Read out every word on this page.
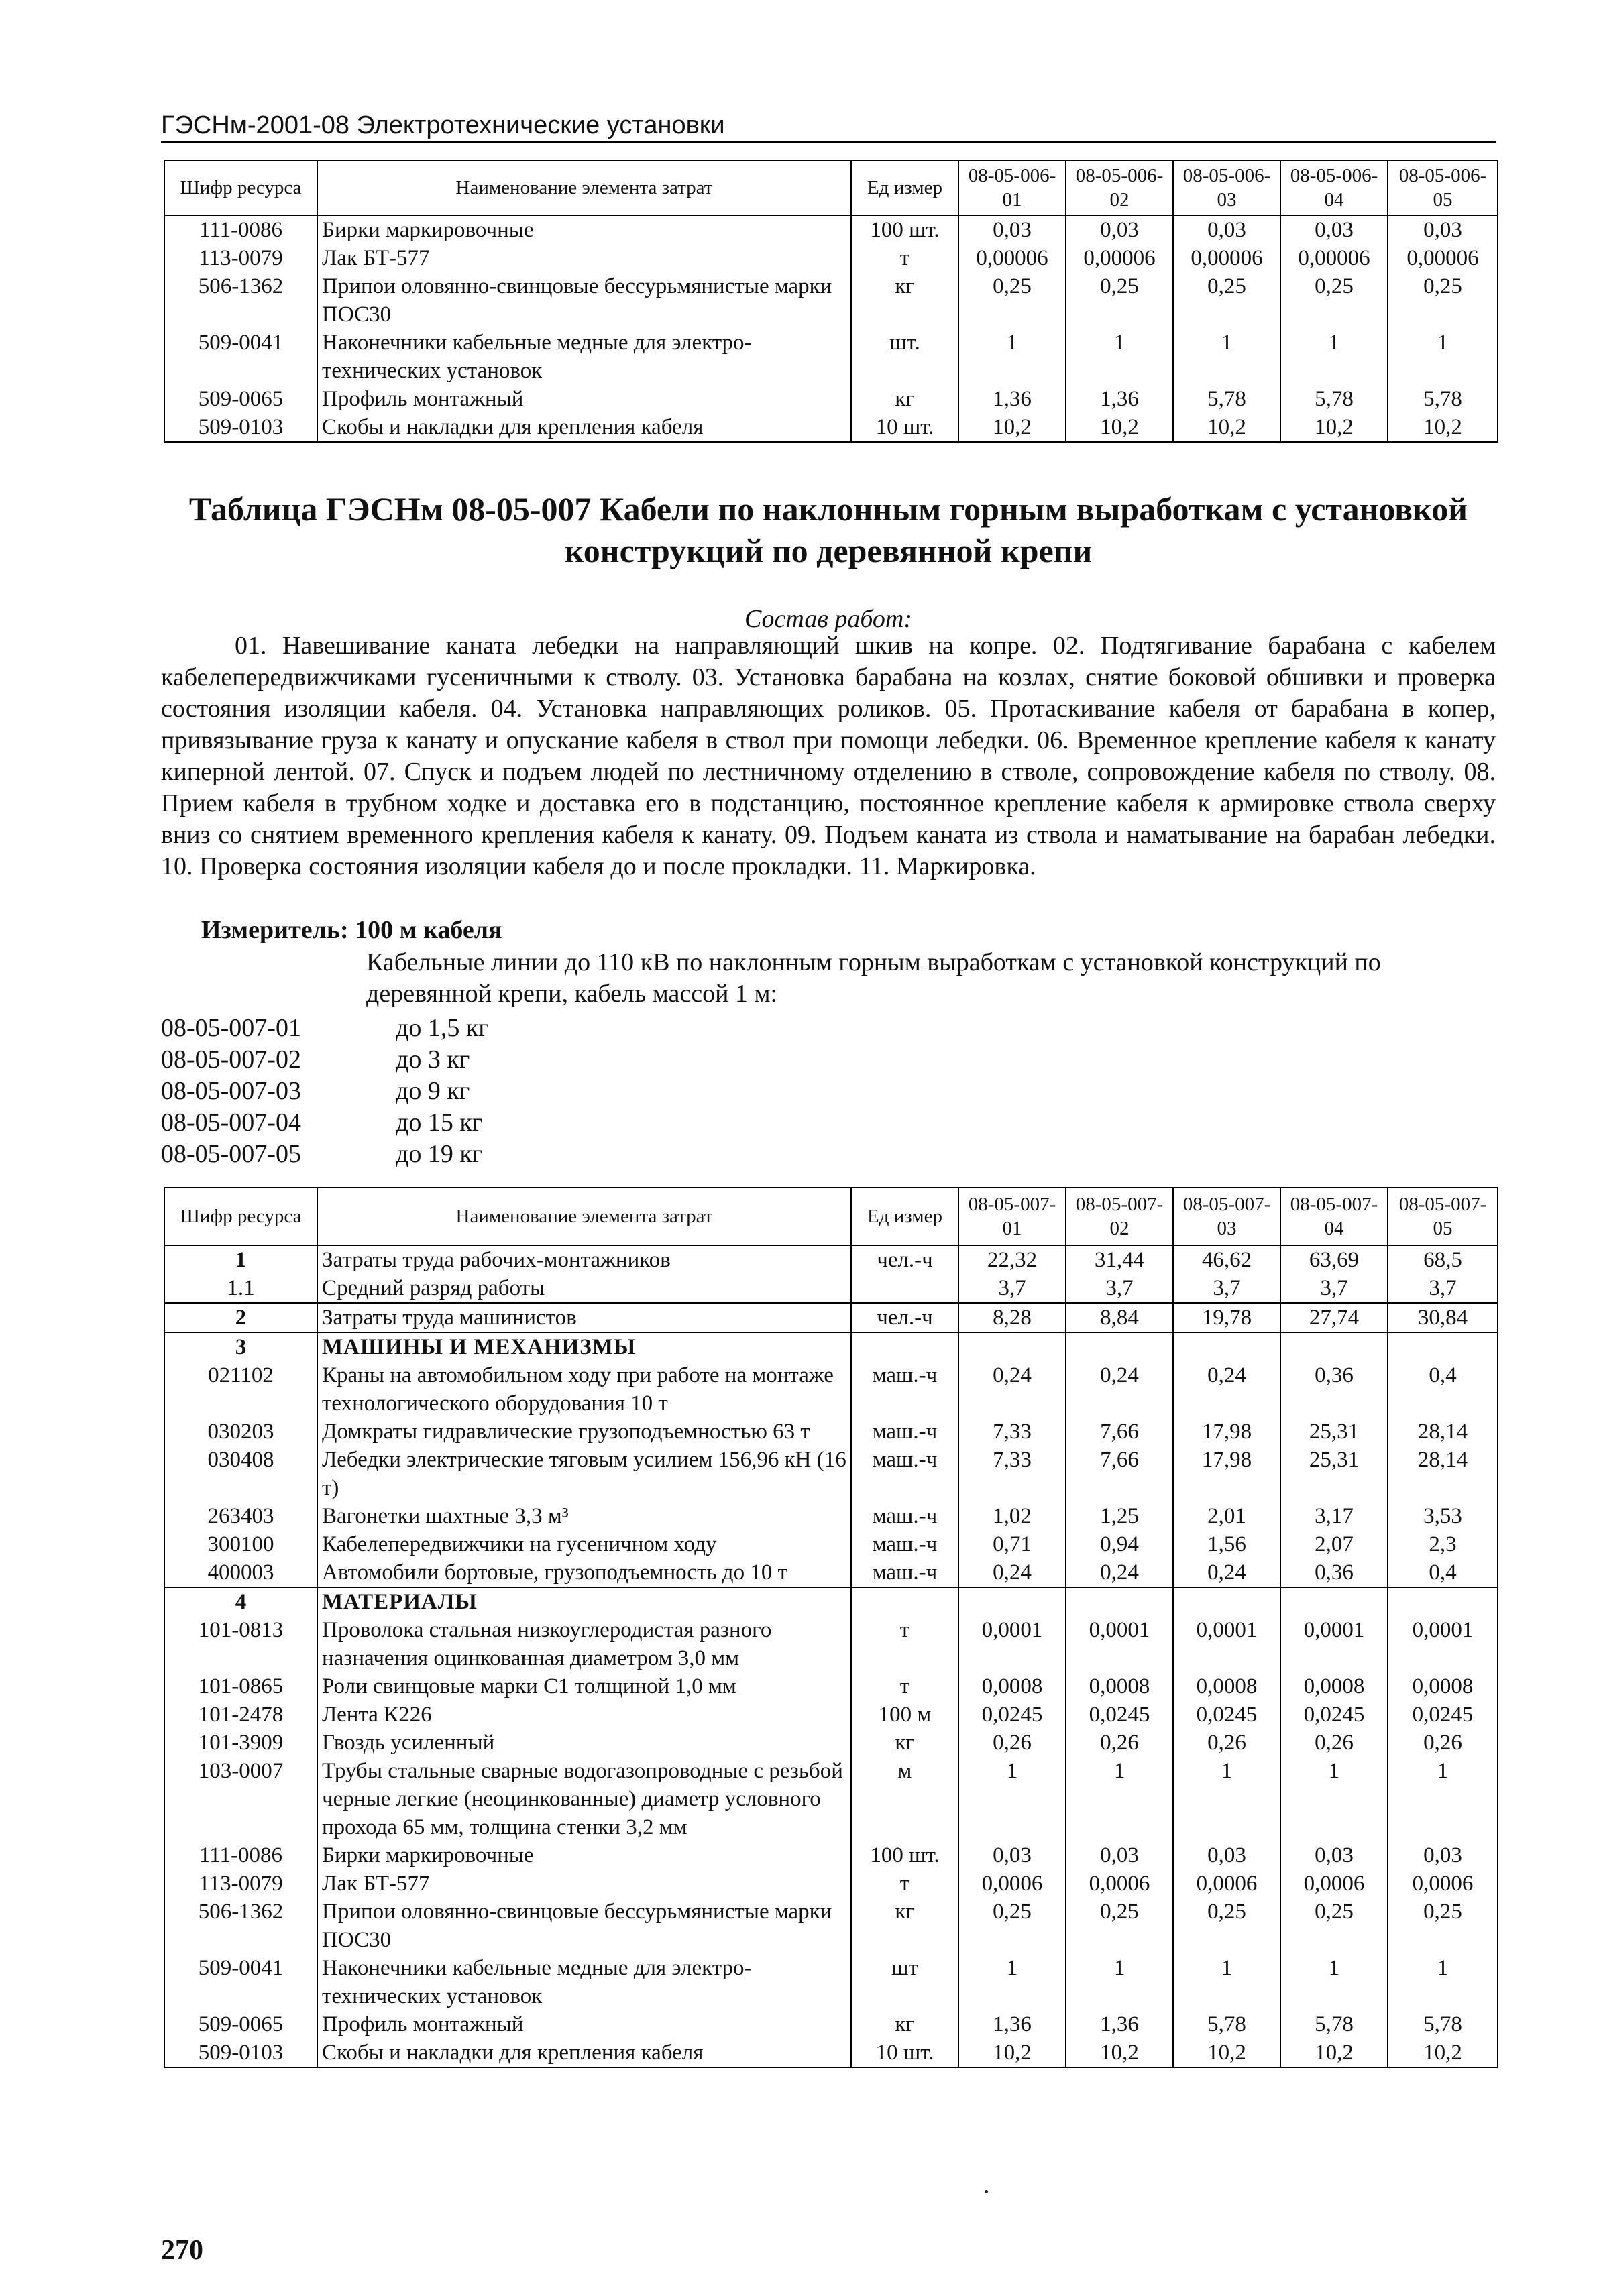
ГЭСНм-2001-08 Электротехнические установки
Шифр ресурса	Наименование элемента затрат	Ед измер	08-05-006-01	08-05-006-02	08-05-006-03	08-05-006-04	08-05-006-05
111-0086	Бирки маркировочные	100 шт.	0,03	0,03	0,03	0,03	0,03
113-0079	Лак БТ-577	т	0,00006	0,00006	0,00006	0,00006	0,00006
506-1362	Припои оловянно-свинцовые бессурьмянистые марки ПОС30	кг	0,25	0,25	0,25	0,25	0,25
509-0041	Наконечники кабельные медные для электро-технических установок	шт.	1	1	1	1	1
509-0065	Профиль монтажный	кг	1,36	1,36	5,78	5,78	5,78
509-0103	Скобы и накладки для крепления кабеля	10 шт.	10,2	10,2	10,2	10,2	10,2
Таблица ГЭСНм 08-05-007 Кабели по наклонным горным выработкам с установкой конструкций по деревянной крепи
Состав работ:
01. Навешивание каната лебедки на направляющий шкив на копре. 02. Подтягивание барабана с кабелем кабелепередвижчиками гусеничными к стволу. 03. Установка барабана на козлах, снятие боковой обшивки и проверка состояния изоляции кабеля. 04. Установка направляющих роликов. 05. Протаскивание кабеля от барабана в копер, привязывание груза к канату и опускание кабеля в ствол при помощи лебедки. 06. Временное крепление кабеля к канату киперной лентой. 07. Спуск и подъем людей по лестничному отделению в стволе, сопровождение кабеля по стволу. 08. Прием кабеля в трубном ходке и доставка его в подстанцию, постоянное крепление кабеля к армировке ствола сверху вниз со снятием временного крепления кабеля к канату. 09. Подъем каната из ствола и наматывание на барабан лебедки. 10. Проверка состояния изоляции кабеля до и после прокладки. 11. Маркировка.
Измеритель: 100 м кабеля
Кабельные линии до 110 кВ по наклонным горным выработкам с установкой конструкций по деревянной крепи, кабель массой 1 м:
08-05-007-01	до 1,5 кг
08-05-007-02	до 3 кг
08-05-007-03	до 9 кг
08-05-007-04	до 15 кг
08-05-007-05	до 19 кг
Шифр ресурса	Наименование элемента затрат	Ед измер	08-05-007-01	08-05-007-02	08-05-007-03	08-05-007-04	08-05-007-05
1	Затраты труда рабочих-монтажников	чел.-ч	22,32	31,44	46,62	63,69	68,5
1.1	Средний разряд работы		3,7	3,7	3,7	3,7	3,7
2	Затраты труда машинистов	чел.-ч	8,28	8,84	19,78	27,74	30,84
3	МАШИНЫ И МЕХАНИЗМЫ						
021102	Краны на автомобильном ходу при работе на монтаже технологического оборудования 10 т	маш.-ч	0,24	0,24	0,24	0,36	0,4
030203	Домкраты гидравлические грузоподъемностью 63 т	маш.-ч	7,33	7,66	17,98	25,31	28,14
030408	Лебедки электрические тяговым усилием 156,96 кН (16 т)	маш.-ч	7,33	7,66	17,98	25,31	28,14
263403	Вагонетки шахтные 3,3 м³	маш.-ч	1,02	1,25	2,01	3,17	3,53
300100	Кабелепередвижчики на гусеничном ходу	маш.-ч	0,71	0,94	1,56	2,07	2,3
400003	Автомобили бортовые, грузоподъемность до 10 т	маш.-ч	0,24	0,24	0,24	0,36	0,4
4	МАТЕРИАЛЫ						
101-0813	Проволока стальная низкоуглеродистая разного назначения оцинкованная диаметром 3,0 мм	т	0,0001	0,0001	0,0001	0,0001	0,0001
101-0865	Роли свинцовые марки С1 толщиной 1,0 мм	т	0,0008	0,0008	0,0008	0,0008	0,0008
101-2478	Лента К226	100 м	0,0245	0,0245	0,0245	0,0245	0,0245
101-3909	Гвоздь усиленный	кг	0,26	0,26	0,26	0,26	0,26
103-0007	Трубы стальные сварные водогазопроводные с резьбой черные легкие (неоцинкованные) диаметр условного прохода 65 мм, толщина стенки 3,2 мм	м	1	1	1	1	1
111-0086	Бирки маркировочные	100 шт.	0,03	0,03	0,03	0,03	0,03
113-0079	Лак БТ-577	т	0,0006	0,0006	0,0006	0,0006	0,0006
506-1362	Припои оловянно-свинцовые бессурьмянистые марки ПОС30	кг	0,25	0,25	0,25	0,25	0,25
509-0041	Наконечники кабельные медные для электро-технических установок	шт	1	1	1	1	1
509-0065	Профиль монтажный	кг	1,36	1,36	5,78	5,78	5,78
509-0103	Скобы и накладки для крепления кабеля	10 шт.	10,2	10,2	10,2	10,2	10,2
270
